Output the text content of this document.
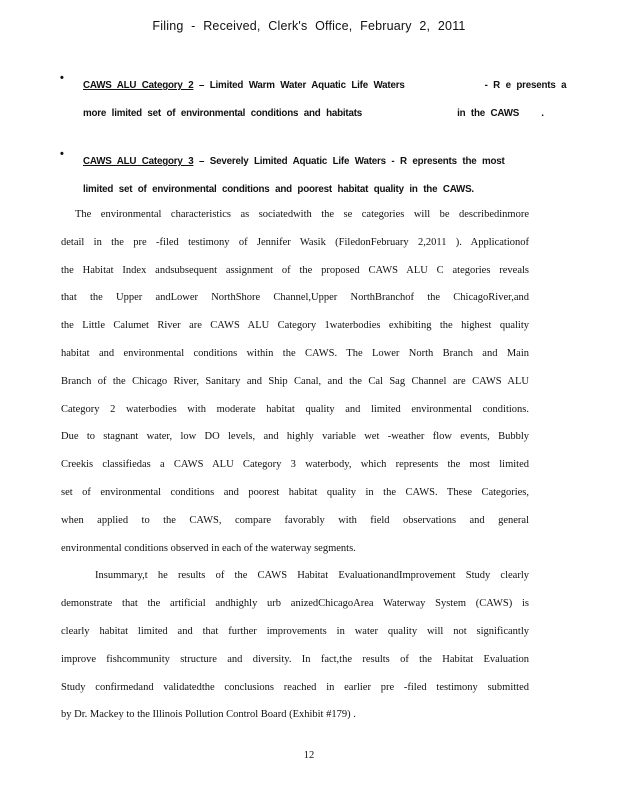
Filing - Received, Clerk's Office, February 2, 2011
•
CAWS ALU Category 2 – Limited Warm Water Aquatic Life Waters	- R e presents a
more limited set of environmental conditions and habitats	in the CAWS .
•
CAWS ALU Category 3 – Severely Limited Aquatic Life Waters - R epresents the most
limited set of environmental conditions and poorest habitat quality in the CAWS.
The environmental characteristics as sociatedwith the se categories will be describedinmore
detail in the pre -filed testimony of Jennifer Wasik (FiledonFebruary 2,2011 ). Applicationof
the Habitat Index andsubsequent assignment of the proposed CAWS ALU C ategories reveals
that the Upper andLower NorthShore Channel,Upper NorthBranchof the ChicagoRiver,and
the Little Calumet River are CAWS ALU Category 1waterbodies exhibiting the highest quality
habitat and environmental conditions within the CAWS. The Lower North Branch and Main
Branch of the Chicago River, Sanitary and Ship Canal, and the Cal Sag Channel are CAWS ALU
Category 2 waterbodies with moderate habitat quality and limited environmental conditions.
Due to stagnant water, low DO levels, and highly variable wet -weather flow events, Bubbly
Creekis classifiedas a CAWS ALU Category 3 waterbody, which represents the most limited
set of environmental conditions and poorest habitat quality in the CAWS. These Categories,
when applied to the CAWS, compare favorably with field observations and general
environmental conditions observed in each of the waterway segments.
Insummary,t he results of the CAWS Habitat EvaluationandImprovement Study clearly
demonstrate that the artificial andhighly urb anizedChicagoArea Waterway System (CAWS) is
clearly habitat limited and that further improvements in water quality will not significantly
improve fishcommunity structure and diversity. In fact,the results of the Habitat Evaluation
Study confirmedand validatedthe conclusions reached in earlier pre -filed testimony submitted
by Dr. Mackey to the Illinois Pollution Control Board (Exhibit #179) .
12
